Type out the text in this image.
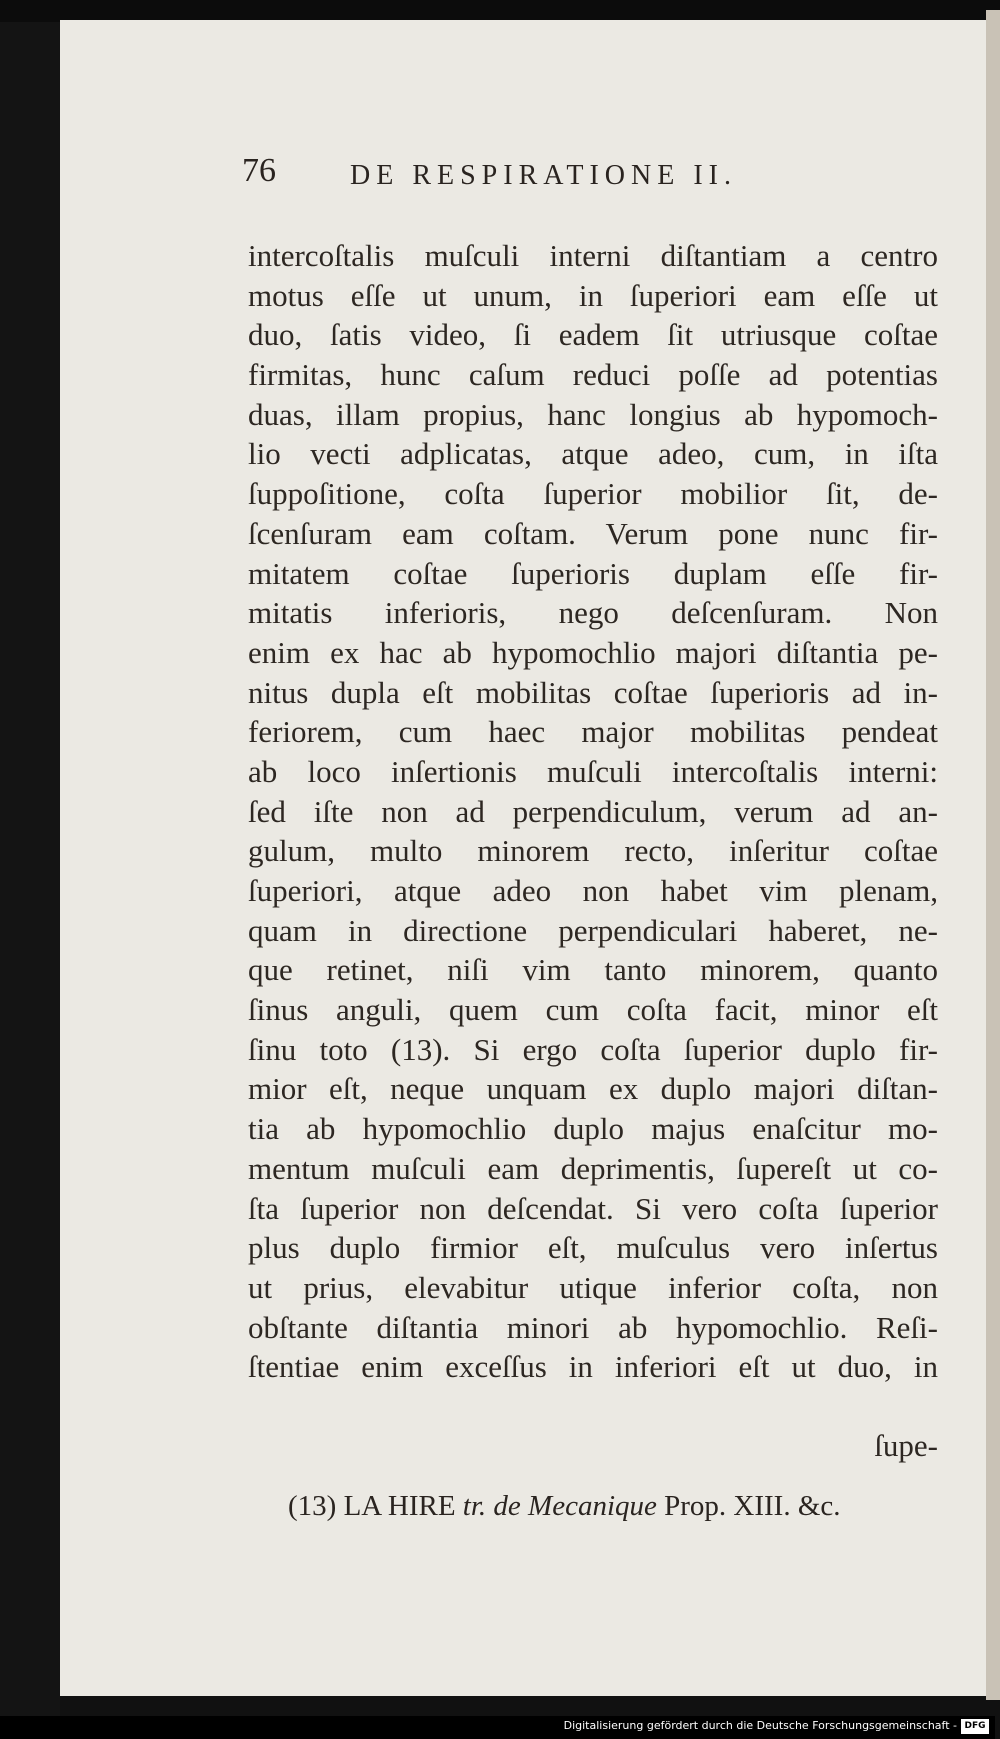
76	DE RESPIRATIONE II.
intercoſtalis muſculi interni diſtantiam a centro
motus eſſe ut unum, in ſuperiori eam eſſe ut
duo, ſatis video, ſi eadem ſit utriusque coſtae
firmitas, hunc caſum reduci poſſe ad potentias
duas, illam propius, hanc longius ab hypomoch-
lio vecti adplicatas, atque adeo, cum, in iſta
ſuppoſitione, coſta ſuperior mobilior ſit, de-
ſcenſuram eam coſtam. Verum pone nunc fir-
mitatem coſtae ſuperioris duplam eſſe fir-
mitatis inferioris, nego deſcenſuram. Non
enim ex hac ab hypomochlio majori diſtantia pe-
nitus dupla eſt mobilitas coſtae ſuperioris ad in-
feriorem, cum haec major mobilitas pendeat
ab loco inſertionis muſculi intercoſtalis interni:
ſed iſte non ad perpendiculum, verum ad an-
gulum, multo minorem recto, inſeritur coſtae
ſuperiori, atque adeo non habet vim plenam,
quam in directione perpendiculari haberet, ne-
que retinet, niſi vim tanto minorem, quanto
ſinus anguli, quem cum coſta facit, minor eſt
ſinu toto (13). Si ergo coſta ſuperior duplo fir-
mior eſt, neque unquam ex duplo majori diſtan-
tia ab hypomochlio duplo majus enaſcitur mo-
mentum muſculi eam deprimentis, ſupereſt ut co-
ſta ſuperior non deſcendat. Si vero coſta ſuperior
plus duplo firmior eſt, muſculus vero inſertus
ut prius, elevabitur utique inferior coſta, non
obſtante diſtantia minori ab hypomochlio. Reſi-
ſtentiae enim exceſſus in inferiori eſt ut duo, in
ſupe-
(13) LA HIRE tr. de Mecanique Prop. XIII. &c.
Digitalisierung gefördert durch die Deutsche Forschungsgemeinschaft - DFG
